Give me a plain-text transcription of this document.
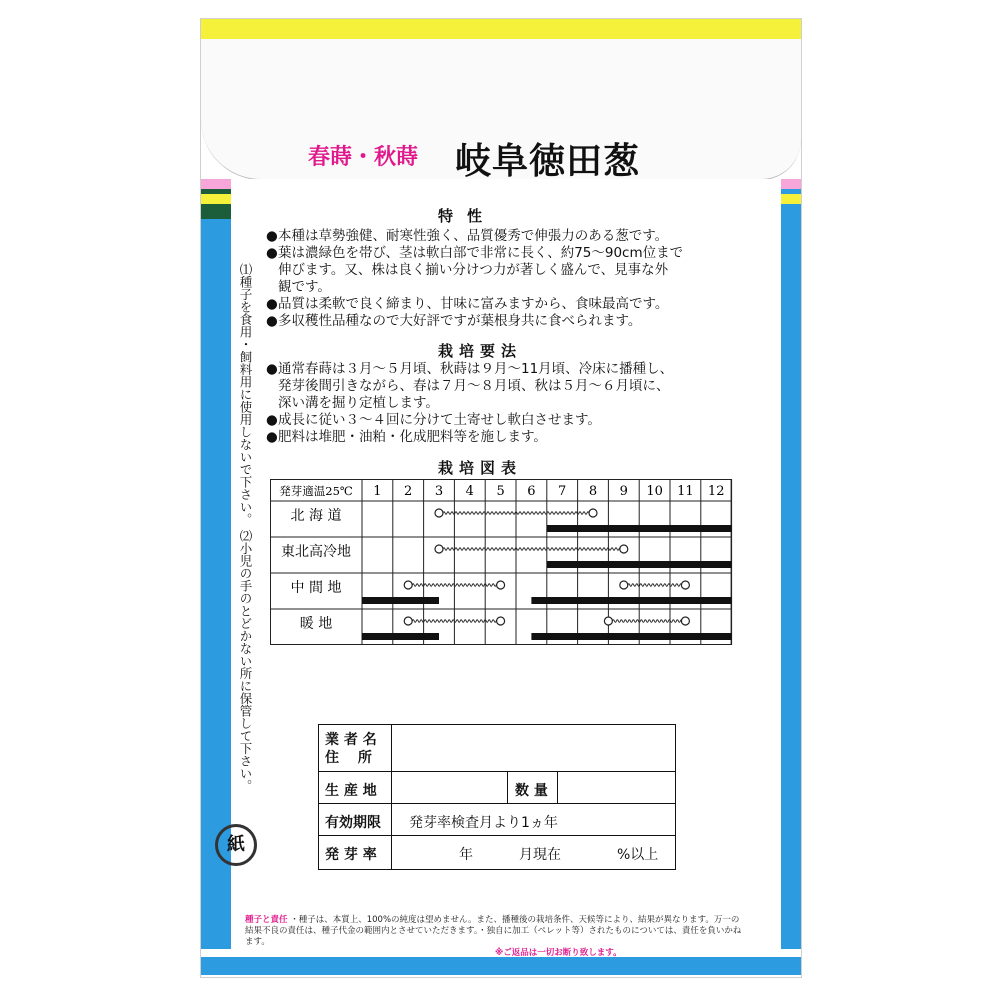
春蒔・秋蒔 岐阜徳田葱
特性
●本種は草勢強健、耐寒性強く、品質優秀で伸張力のある葱です。
●葉は濃緑色を帯び、茎は軟白部で非常に長く、約75〜90cm位まで
伸びます。又、株は良く揃い分けつ力が著しく盛んで、見事な外
観です。
●品質は柔軟で良く締まり、甘味に富みますから、食味最高です。
●多収穫性品種なので大好評ですが葉根身共に食べられます。
栽培要法
●通常春蒔は３月〜５月頃、秋蒔は９月〜11月頃、冷床に播種し、
発芽後間引きながら、春は７月〜８月頃、秋は５月〜６月頃に、
深い溝を掘り定植します。
●成長に従い３〜４回に分けて土寄せし軟白させます。
●肥料は堆肥・油粕・化成肥料等を施します。
栽培図表
発芽適温25℃ 1 2 3 4 5 6 7 8 9 10 11 12
北 海 道
東北高冷地
中 間 地
暖 地
⑴種子を食用・飼料用に使用しないで下さい。 ⑵小児の手のとどかない所に保管して下さい。	業 者 名
住　 所
生 産 地	数 量
有効期限 発芽率検査月より1ヵ年
発 芽 率	年	月現在	%以上
紙
種子と責任 ・種子は、本質上、100%の純度は望めません。また、播種後の栽培条件、天候等により、結果が異なります。万一の結果不良の責任は、種子代金の範囲内とさせていただきます。・独自に加工（ペレット等）されたものについては、責任を負いかねます。
※ご返品は一切お断り致します。
